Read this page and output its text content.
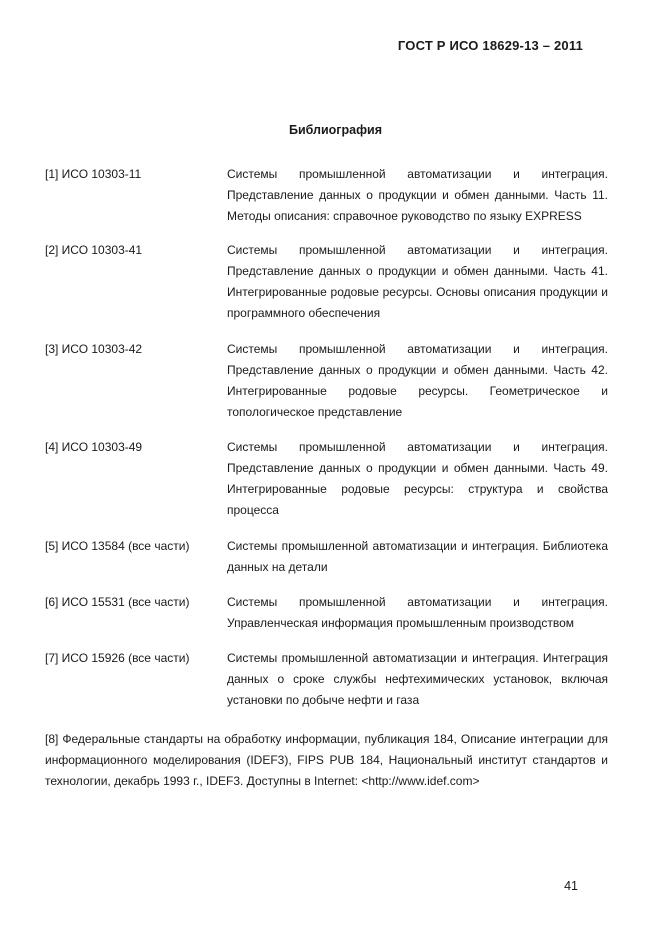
ГОСТ Р ИСО 18629-13 – 2011
Библиография
[1] ИСО 10303-11	Системы промышленной автоматизации и интеграция. Представление данных о продукции и обмен данными. Часть 11. Методы описания: справочное руководство по языку EXPRESS
[2] ИСО 10303-41	Системы промышленной автоматизации и интеграция. Представление данных о продукции и обмен данными. Часть 41. Интегрированные родовые ресурсы. Основы описания продукции и программного обеспечения
[3] ИСО 10303-42	Системы промышленной автоматизации и интеграция. Представление данных о продукции и обмен данными. Часть 42. Интегрированные родовые ресурсы. Геометрическое и топологическое представление
[4] ИСО 10303-49	Системы промышленной автоматизации и интеграция. Представление данных о продукции и обмен данными. Часть 49. Интегрированные родовые ресурсы: структура и свойства процесса
[5] ИСО 13584 (все части)	Системы промышленной автоматизации и интеграция. Библиотека данных на детали
[6] ИСО 15531 (все части)	Системы промышленной автоматизации и интеграция. Управленческая информация промышленным производством
[7] ИСО 15926 (все части)	Системы промышленной автоматизации и интеграция. Интеграция данных о сроке службы нефтехимических установок, включая установки по добыче нефти и газа
[8] Федеральные стандарты на обработку информации, публикация 184, Описание интеграции для информационного моделирования (IDEF3), FIPS PUB 184, Национальный институт стандартов и технологии, декабрь 1993 г., IDEF3. Доступны в Internet: <http://www.idef.com>
41
